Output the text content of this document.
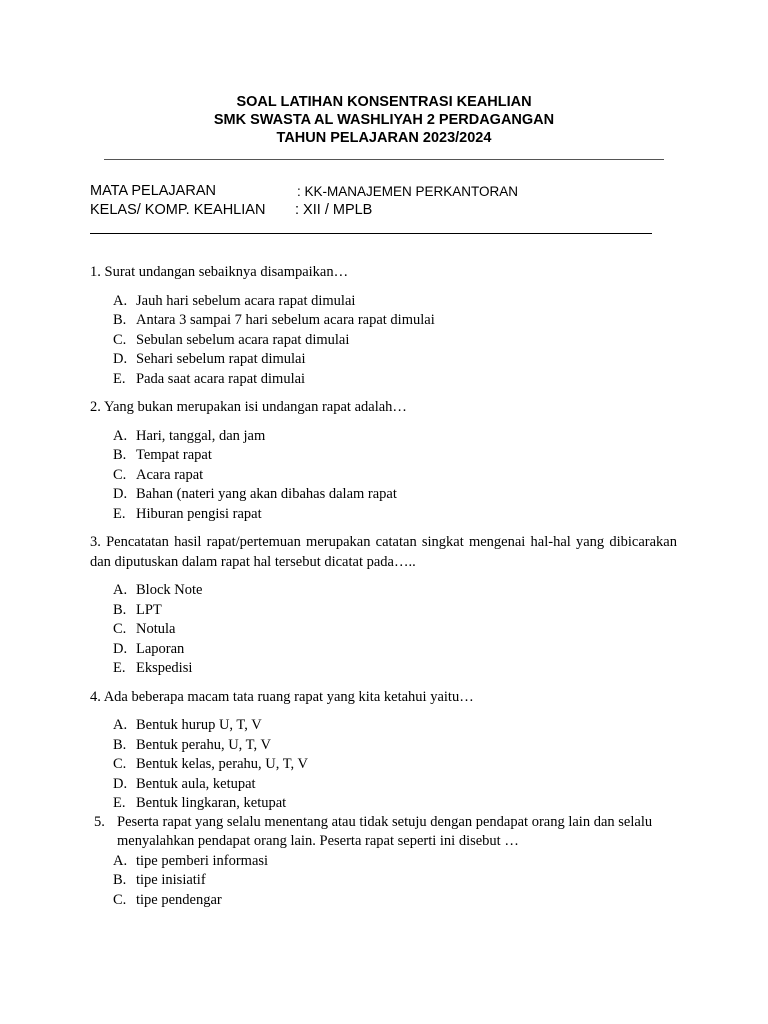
SOAL LATIHAN KONSENTRASI KEAHLIAN
SMK SWASTA AL WASHLIYAH 2 PERDAGANGAN
TAHUN PELAJARAN 2023/2024
MATA PELAJARAN	: KK-MANAJEMEN PERKANTORAN
KELAS/ KOMP. KEAHLIAN : XII / MPLB

1. Surat undangan sebaiknya disampaikan…

A. Jauh hari sebelum acara rapat dimulai
B. Antara 3 sampai 7 hari sebelum acara rapat dimulai
C. Sebulan sebelum acara rapat dimulai
D. Sehari sebelum rapat dimulai
E. Pada saat acara rapat dimulai

2. Yang bukan merupakan isi undangan rapat adalah…

A. Hari, tanggal, dan jam
B. Tempat rapat
C. Acara rapat
D. Bahan (nateri yang akan dibahas dalam rapat
E. Hiburan pengisi rapat

3. Pencatatan hasil rapat/pertemuan merupakan catatan singkat mengenai hal-hal yang dibicarakan dan diputuskan dalam rapat hal tersebut dicatat pada…..

A. Block Note
B. LPT
C. Notula
D. Laporan
E. Ekspedisi

4. Ada beberapa macam tata ruang rapat yang kita ketahui yaitu…

A. Bentuk hurup U, T, V
B. Bentuk perahu, U, T, V
C. Bentuk kelas, perahu, U, T, V
D. Bentuk aula, ketupat
E. Bentuk lingkaran, ketupat
5. Peserta rapat yang selalu menentang atau tidak setuju dengan pendapat orang lain dan selalu menyalahkan pendapat orang lain. Peserta rapat seperti ini disebut …
A. tipe pemberi informasi
B. tipe inisiatif
C. tipe pendengar
